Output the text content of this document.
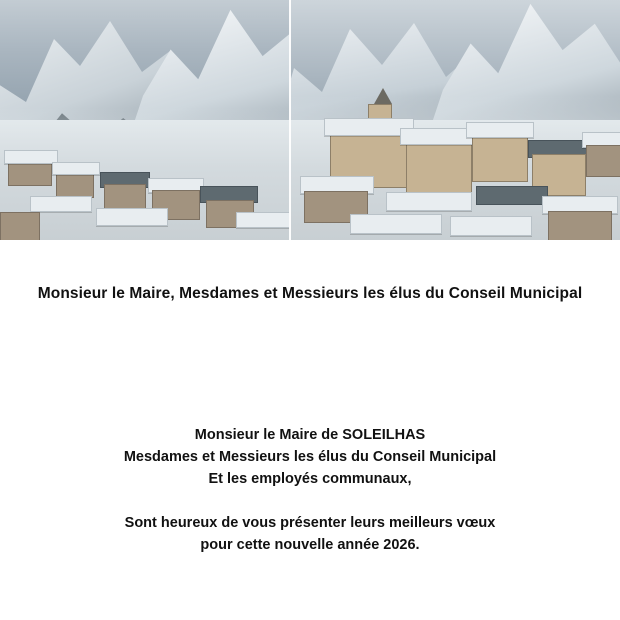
Monsieur le Maire, Mesdames et Messieurs les élus du Conseil Municipal
Monsieur le Maire de SOLEILHAS
Mesdames et Messieurs les élus du Conseil Municipal
Et les employés communaux,
Sont heureux de vous présenter leurs meilleurs vœux
pour cette nouvelle année 2026.
